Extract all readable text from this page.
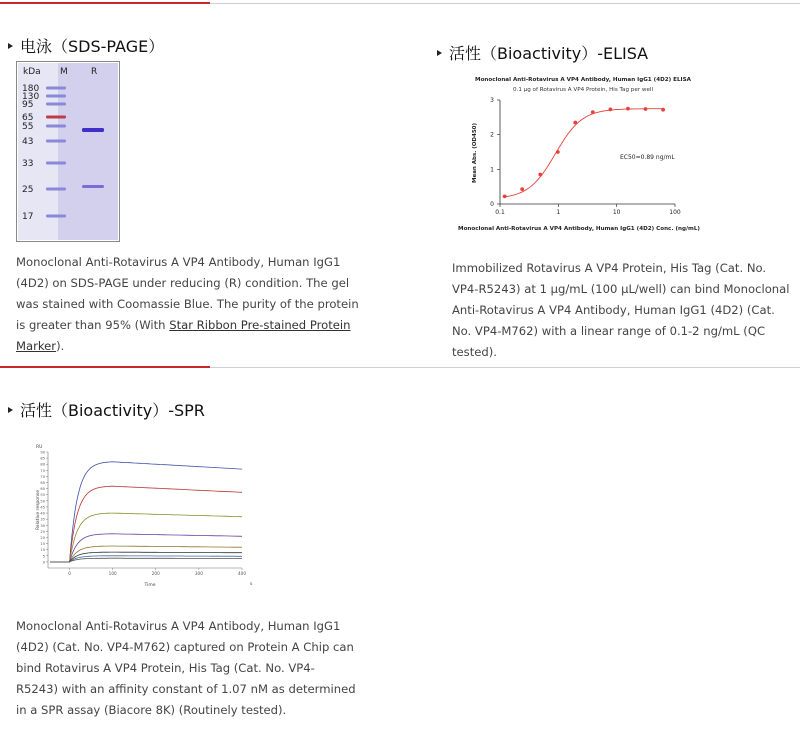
电泳（SDS-PAGE）
kDa M	R
180
130
95
65
55
43
33
25
17
Monoclonal Anti-Rotavirus A VP4 Antibody, Human IgG1 (4D2) on SDS-PAGE under reducing (R) condition. The gel was stained with Coomassie Blue. The purity of the protein is greater than 95% (With Star Ribbon Pre-stained Protein Marker).
活性（Bioactivity）-ELISA
Monoclonal Anti-Rotavirus A VP4 Antibody, Human IgG1 (4D2) ELISA
0.1 μg of Rotavirus A VP4 Protein, His Tag per well
Mean Abs. (OD450)
Monoclonal Anti-Rotavirus A VP4 Antibody, Human IgG1 (4D2) Conc. (ng/mL)
EC50=0.89 ng/mL
0
1
2
3
0.1	1	10	100
Immobilized Rotavirus A VP4 Protein, His Tag (Cat. No. VP4-R5243) at 1 μg/mL (100 μL/well) can bind Monoclonal Anti-Rotavirus A VP4 Antibody, Human IgG1 (4D2) (Cat. No. VP4-M762) with a linear range of 0.1-2 ng/mL (QC tested).
活性（Bioactivity）-SPR
RU
s
Relative response
Time
0
5
10
15
20
25
30
35
40
45
50
55
60
65
70
75
80
85
90
0	100	200	300	400
Monoclonal Anti-Rotavirus A VP4 Antibody, Human IgG1 (4D2) (Cat. No. VP4-M762) captured on Protein A Chip can bind Rotavirus A VP4 Protein, His Tag (Cat. No. VP4-R5243) with an affinity constant of 1.07 nM as determined in a SPR assay (Biacore 8K) (Routinely tested).
